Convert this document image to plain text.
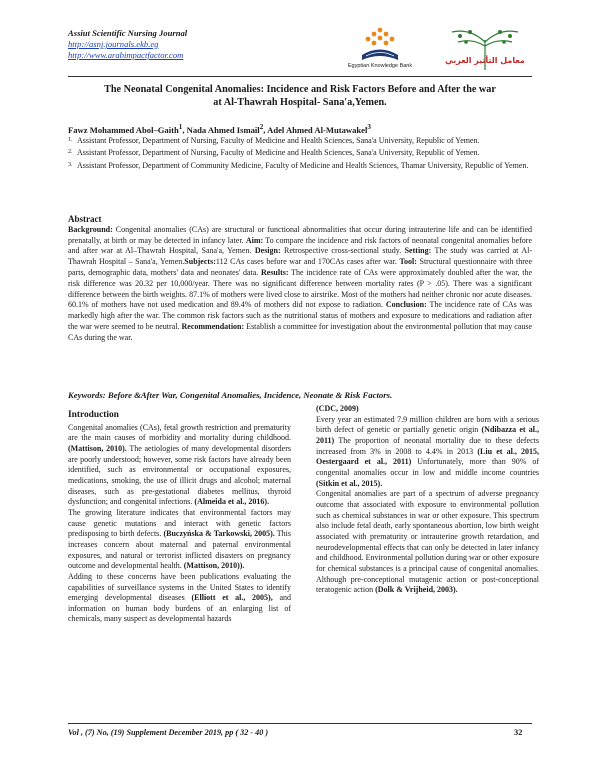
Assiut Scientific Nursing Journal
http://asnj.journals.ekb.eg
http://www.arabimpactfactor.com
Egyptian Knowledge Bank
معامل التأثير العربي
The Neonatal Congenital Anomalies: Incidence and Risk Factors Before and After the war
at Al-Thawrah Hospital- Sana'a,Yemen.
Fawz Mohammed Abol–Gaith$^1$, Nada Ahmed Ismail$^2$, Adel Ahmed Al-Mutawakel$^3$
1. Assistant Professor, Department of Nursing, Faculty of Medicine and Health Sciences, Sana'a University, Republic of Yemen.
2. Assistant Professor, Department of Nursing, Faculty of Medicine and Health Sciences, Sana'a University, Republic of Yemen.
3. Assistant Professor, Department of Community Medicine, Faculty of Medicine and Health Sciences, Thamar University, Republic of Yemen.
Abstract
Background: Congenital anomalies (CAs) are structural or functional abnormalities that occur during intrauterine life and can be identified prenatally, at birth or may be detected in infancy later. Aim: To compare the incidence and risk factors of neonatal congenital anomalies before and after war at Al–Thawrah Hospital, Sana'a, Yemen. Design: Retrospective cross-sectional study. Setting: The study was carried at Al-Thawrah Hospital – Sana'a, Yemen.Subjects:112 CAs cases before war and 170CAs cases after war. Tool: Structural questionnaire with three parts, demographic data, mothers' data and neonates' data. Results: The incidence rate of CAs were approximately doubled after the war, the risk difference was 20.32 per 10,000/year. There was no significant difference between mortality rates (P > .05). There was a significant difference between the birth weights. 87.1% of mothers were lived close to airstrike. Most of the mothers had neither chronic nor acute diseases. 60.1% of mothers have not used medication and 89.4% of mothers did not expose to radiation. Conclusion: The incidence rate of CAs was markedly high after the war. The common risk factors such as the nutritional status of mothers and exposure to medications and radiation after the war were seemed to be neutral. Recommendation: Establish a committee for investigation about the environmental pollution that may cause CAs during the war.
Keywords: Before &After War, Congenital Anomalies, Incidence, Neonate & Risk Factors.
Introduction

Congenital anomalies (CAs), fetal growth restriction and prematurity are the main causes of morbidity and mortality during childhood. (Mattison, 2010). The aetiologies of many developmental disorders are poorly understood; however, some risk factors have already been identified, such as environmental or occupational exposures, medications, smoking, the use of illicit drugs and alcohol; maternal diseases, such as pre-gestational diabetes mellitus, thyroid dysfunction; and congenital infections. (Almeida et al., 2016).

The growing literature indicates that environmental factors may cause genetic mutations and interact with genetic factors predisposing to birth defects. (Buczyńska & Tarkowski, 2005). This increases concern about maternal and paternal environmental exposures, and natural or terrorist inflicted disasters on pregnancy outcome and developmental health. (Mattison, 2010)).

Adding to these concerns have been publications evaluating the capabilities of surveillance systems in the United States to identify emerging developmental diseases (Elliott et al., 2005), and information on human body burdens of an enlarging list of chemicals, many suspect as developmental hazards

(CDC, 2009)

Every year an estimated 7.9 million children are born with a serious birth defect of genetic or partially genetic origin (Ndibazza et al., 2011) The proportion of neonatal mortality due to these defects increased from 3% in 2008 to 4.4% in 2013 (Liu et al., 2015, Oestergaard et al., 2011) Unfortunately, more than 90% of congenital anomalies occur in low and middle income countries (Sitkin et al., 2015).

Congenital anomalies are part of a spectrum of adverse pregnancy outcome that associated with exposure to environmental pollution such as chemical substances in war or other exposure. This spectrum also include fetal death, early spontaneous abortion, low birth weight associated with prematurity or intrauterine growth retardation, and neurodevelopmental effects that can only be detected in later infancy and childhood. Environmental pollution during war or other exposure for chemical substances is a principal cause of congenital anomalies. Although pre-conceptional mutagenic action or post-conceptional teratogenic action (Dolk & Vrijheid, 2003).

Vol , (7) No, (19) Supplement December 2019, pp ( 32 - 40 )	32
